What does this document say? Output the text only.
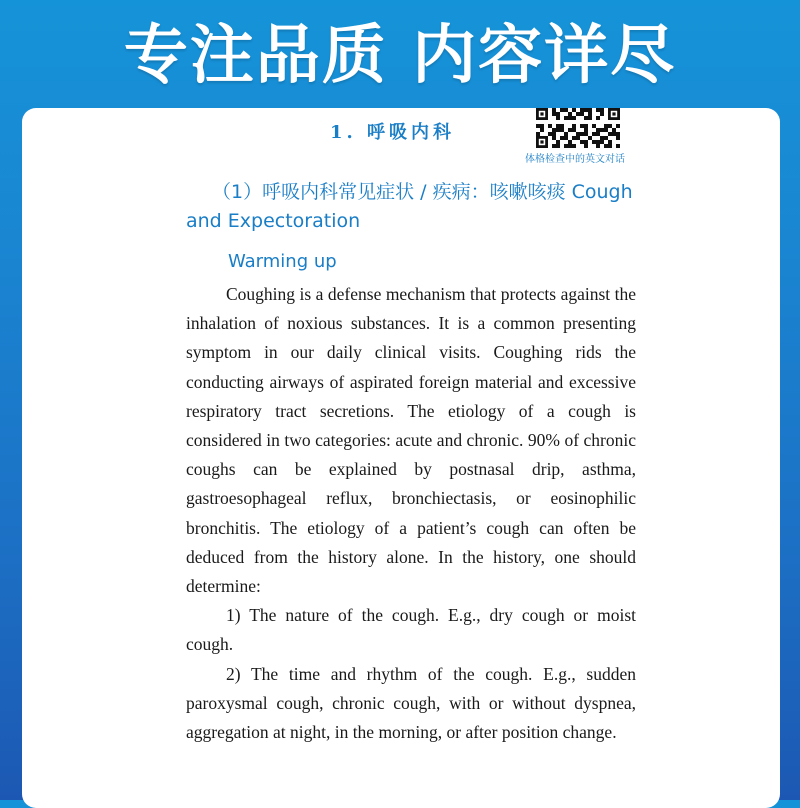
专注品质 内容详尽
1. 呼吸内科
体格检查中的英文对话
（1）呼吸内科常见症状 / 疾病：咳嗽咳痰 Cough and Expectoration
Warming up

Coughing is a defense mechanism that protects against the inhalation of noxious substances. It is a common presenting symptom in our daily clinical visits. Coughing rids the conducting airways of aspirated foreign material and excessive respiratory tract secretions. The etiology of a cough is considered in two categories: acute and chronic. 90% of chronic coughs can be explained by postnasal drip, asthma, gastroesophageal reflux, bronchiectasis, or eosinophilic bronchitis. The etiology of a patient’s cough can often be deduced from the history alone. In the history, one should determine:

1) The nature of the cough. E.g., dry cough or moist cough.

2) The time and rhythm of the cough. E.g., sudden paroxysmal cough, chronic cough, with or without dyspnea, aggregation at night, in the morning, or after position change.
